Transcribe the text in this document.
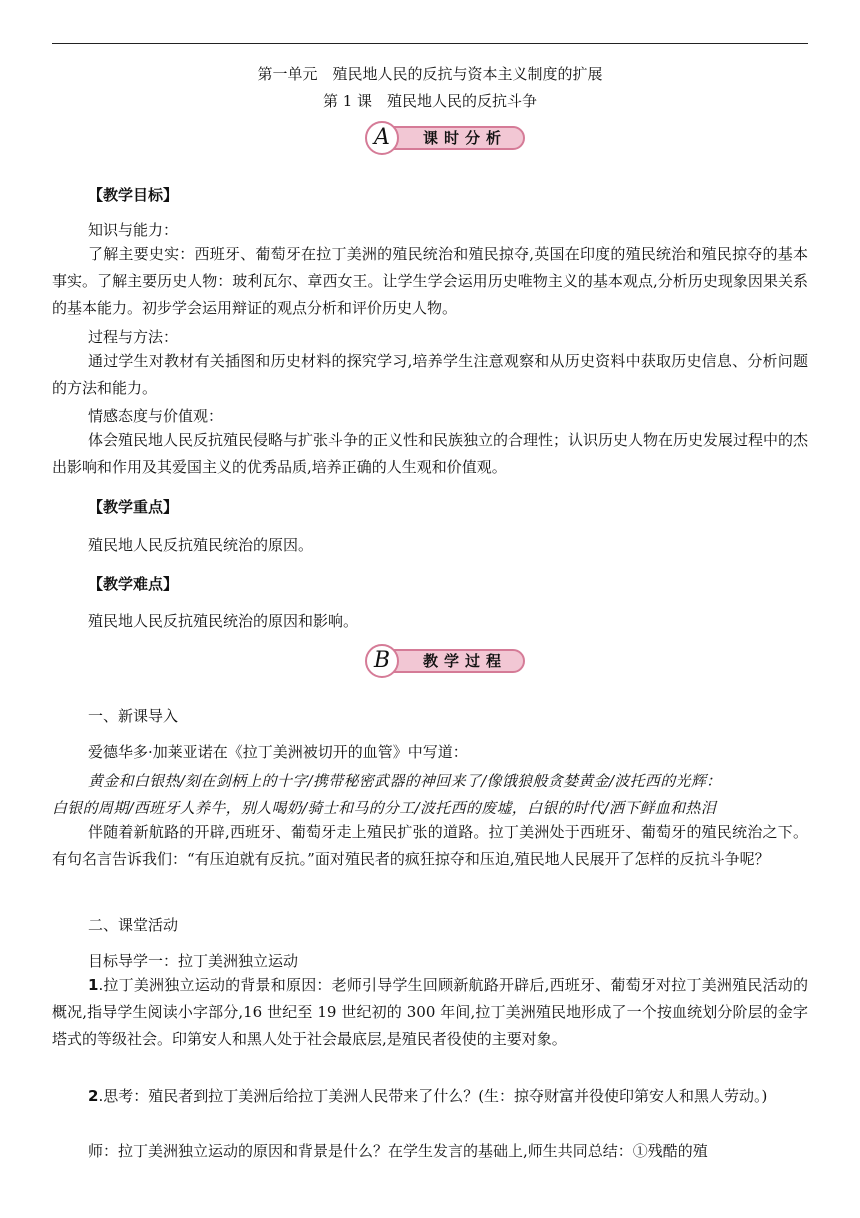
第一单元　殖民地人民的反抗与资本主义制度的扩展
第 1 课　殖民地人民的反抗斗争
A	课时分析
【教学目标】
知识与能力：
了解主要史实：西班牙、葡萄牙在拉丁美洲的殖民统治和殖民掠夺,英国在印度的殖民统治和殖民掠夺的基本事实。了解主要历史人物：玻利瓦尔、章西女王。让学生学会运用历史唯物主义的基本观点,分析历史现象因果关系的基本能力。初步学会运用辩证的观点分析和评价历史人物。
过程与方法：
通过学生对教材有关插图和历史材料的探究学习,培养学生注意观察和从历史资料中获取历史信息、分析问题的方法和能力。
情感态度与价值观：
体会殖民地人民反抗殖民侵略与扩张斗争的正义性和民族独立的合理性；认识历史人物在历史发展过程中的杰出影响和作用及其爱国主义的优秀品质,培养正确的人生观和价值观。
【教学重点】
殖民地人民反抗殖民统治的原因。
【教学难点】
殖民地人民反抗殖民统治的原因和影响。
B	教学过程
一、新课导入
爱德华多·加莱亚诺在《拉丁美洲被切开的血管》中写道：
黄金和白银热/刻在剑柄上的十字/携带秘密武器的神回来了/像饿狼般贪婪黄金/波托西的光辉：
白银的周期/西班牙人养牛，别人喝奶/骑士和马的分工/波托西的废墟，白银的时代/洒下鲜血和热泪
伴随着新航路的开辟,西班牙、葡萄牙走上殖民扩张的道路。拉丁美洲处于西班牙、葡萄牙的殖民统治之下。有句名言告诉我们：“有压迫就有反抗。”面对殖民者的疯狂掠夺和压迫,殖民地人民展开了怎样的反抗斗争呢？
二、课堂活动
目标导学一：拉丁美洲独立运动
1.拉丁美洲独立运动的背景和原因：老师引导学生回顾新航路开辟后,西班牙、葡萄牙对拉丁美洲殖民活动的概况,指导学生阅读小字部分,16 世纪至 19 世纪初的 300 年间,拉丁美洲殖民地形成了一个按血统划分阶层的金字塔式的等级社会。印第安人和黑人处于社会最底层,是殖民者役使的主要对象。
2.思考：殖民者到拉丁美洲后给拉丁美洲人民带来了什么？(生：掠夺财富并役使印第安人和黑人劳动。)
师：拉丁美洲独立运动的原因和背景是什么？在学生发言的基础上,师生共同总结：①残酷的殖
